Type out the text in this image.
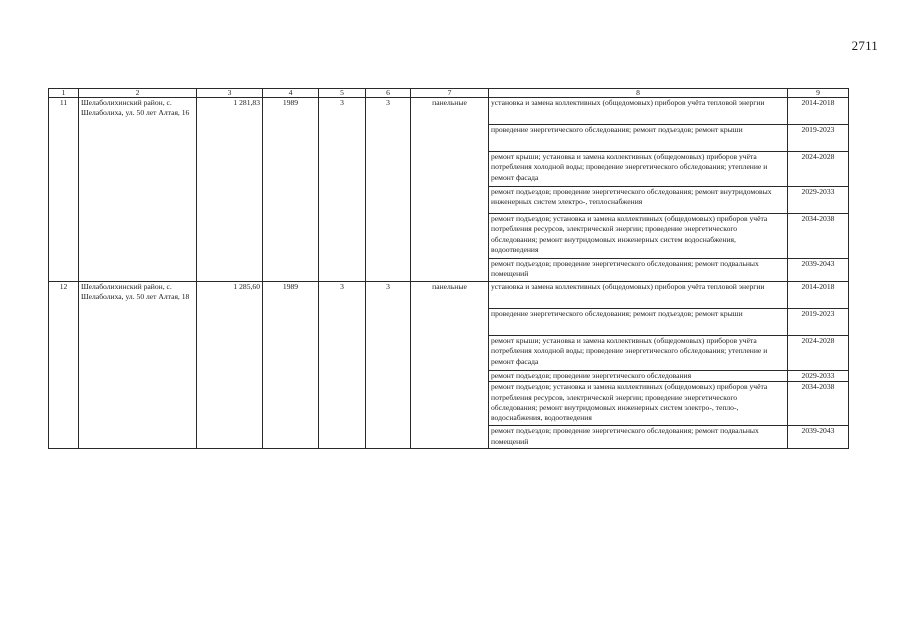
2711
1	2	3	4	5	6	7	8	9
11	Шелаболихинский район, с. Шелаболиха, ул. 50 лет Алтая, 16	1 281,83	1989	3	3	панельные	установка и замена коллективных (общедомовых) приборов учёта тепловой энергии	2014-2018
							проведение энергетического обследования; ремонт подъездов; ремонт крыши	2019-2023
							ремонт крыши; установка и замена коллективных (общедомовых) приборов учёта потребления холодной воды; проведение энергетического обследования; утепление и ремонт фасада	2024-2028
							ремонт подъездов; проведение энергетического обследования; ремонт внутридомовых инженерных систем электро-, теплоснабжения	2029-2033
							ремонт подъездов; установка и замена коллективных (общедомовых) приборов учёта потребления ресурсов, электрической энергии; проведение энергетического обследования; ремонт внутридомовых инженерных систем водоснабжения, водоотведения	2034-2038
							ремонт подъездов; проведение энергетического обследования; ремонт подвальных помещений	2039-2043
12	Шелаболихинский район, с. Шелаболиха, ул. 50 лет Алтая, 18	1 285,60	1989	3	3	панельные	установка и замена коллективных (общедомовых) приборов учёта тепловой энергии	2014-2018
							проведение энергетического обследования; ремонт подъездов; ремонт крыши	2019-2023
							ремонт крыши; установка и замена коллективных (общедомовых) приборов учёта потребления холодной воды; проведение энергетического обследования; утепление и ремонт фасада	2024-2028
							ремонт подъездов; проведение энергетического обследования	2029-2033
							ремонт подъездов; установка и замена коллективных (общедомовых) приборов учёта потребления ресурсов, электрической энергии; проведение энергетического обследования; ремонт внутридомовых инженерных систем электро-, тепло-, водоснабжения, водоотведения	2034-2038
							ремонт подъездов; проведение энергетического обследования; ремонт подвальных помещений	2039-2043
